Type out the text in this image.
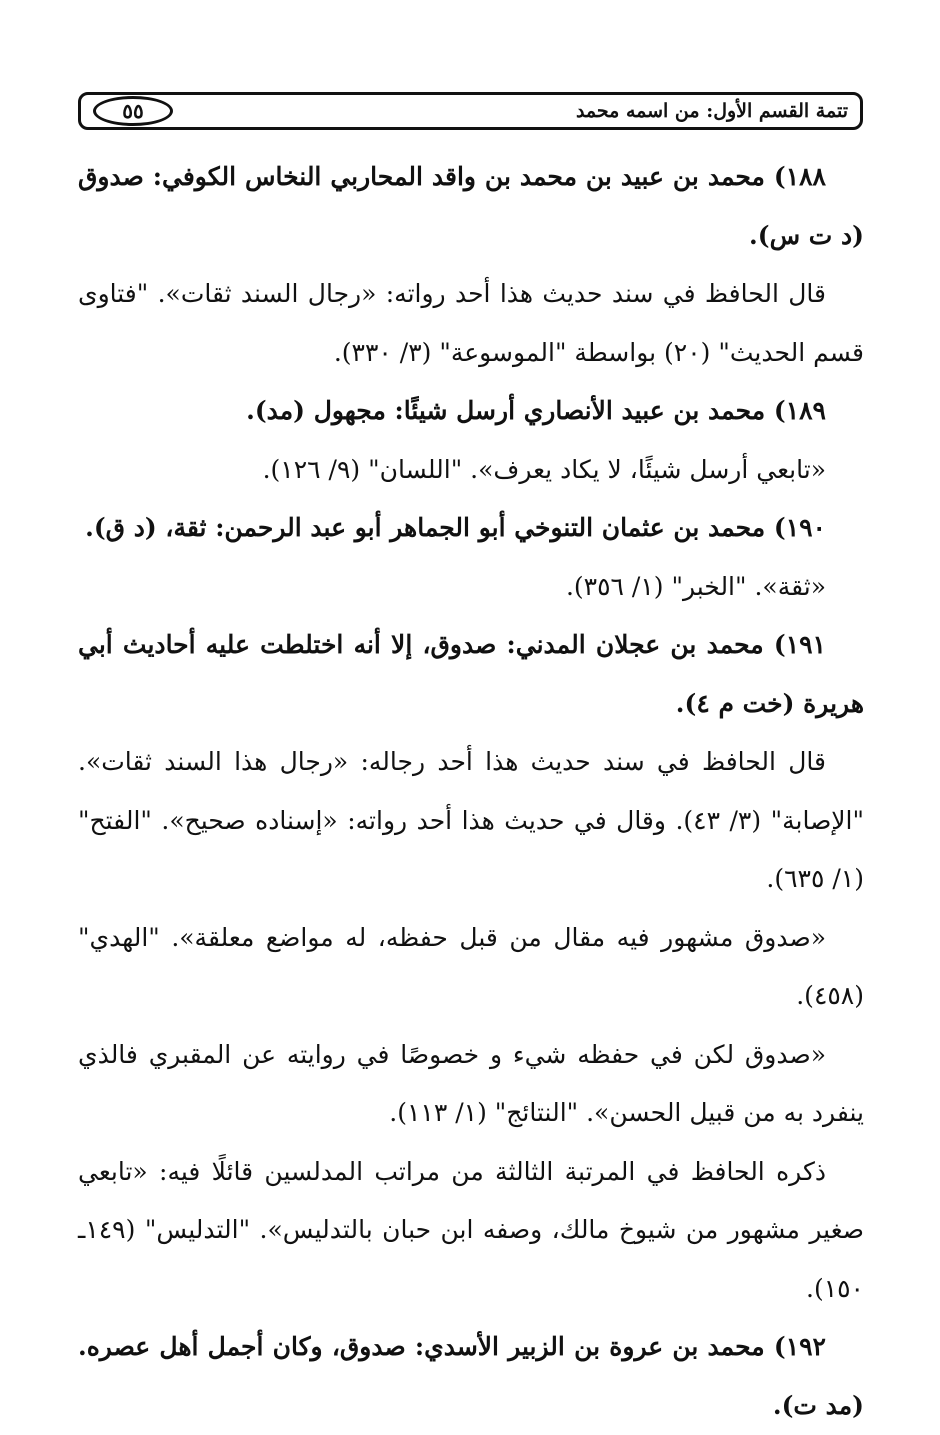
تتمة القسم الأول: من اسمه محمد
٥٥

١٨٨) محمد بن عبيد بن محمد بن واقد المحاربي النخاس الكوفي: صدوق (د ت س).

قال الحافظ في سند حديث هذا أحد رواته: «رجال السند ثقات». "فتاوى قسم الحديث" (٢٠) بواسطة "الموسوعة" (٣/ ٣٣٠).

١٨٩) محمد بن عبيد الأنصاري أرسل شيئًا: مجهول (مد).

«تابعي أرسل شيئًا، لا يكاد يعرف». "اللسان" (٩/ ١٢٦).

١٩٠) محمد بن عثمان التنوخي أبو الجماهر أبو عبد الرحمن: ثقة، (د ق).

«ثقة». "الخبر" (١/ ٣٥٦).

١٩١) محمد بن عجلان المدني: صدوق، إلا أنه اختلطت عليه أحاديث أبي هريرة (خت م ٤).

قال الحافظ في سند حديث هذا أحد رجاله: «رجال هذا السند ثقات». "الإصابة" (٣/ ٤٣). وقال في حديث هذا أحد رواته: «إسناده صحيح». "الفتح" (١/ ٦٣٥).

«صدوق مشهور فيه مقال من قبل حفظه، له مواضع معلقة». "الهدي" (٤٥٨).

«صدوق لكن في حفظه شيء و خصوصًا في روايته عن المقبري فالذي ينفرد به من قبيل الحسن». "النتائج" (١/ ١١٣).

ذكره الحافظ في المرتبة الثالثة من مراتب المدلسين قائلًا فيه: «تابعي صغير مشهور من شيوخ مالك، وصفه ابن حبان بالتدليس». "التدليس" (١٤٩ـ ١٥٠).

١٩٢) محمد بن عروة بن الزبير الأسدي: صدوق، وكان أجمل أهل عصره. (مد ت).
